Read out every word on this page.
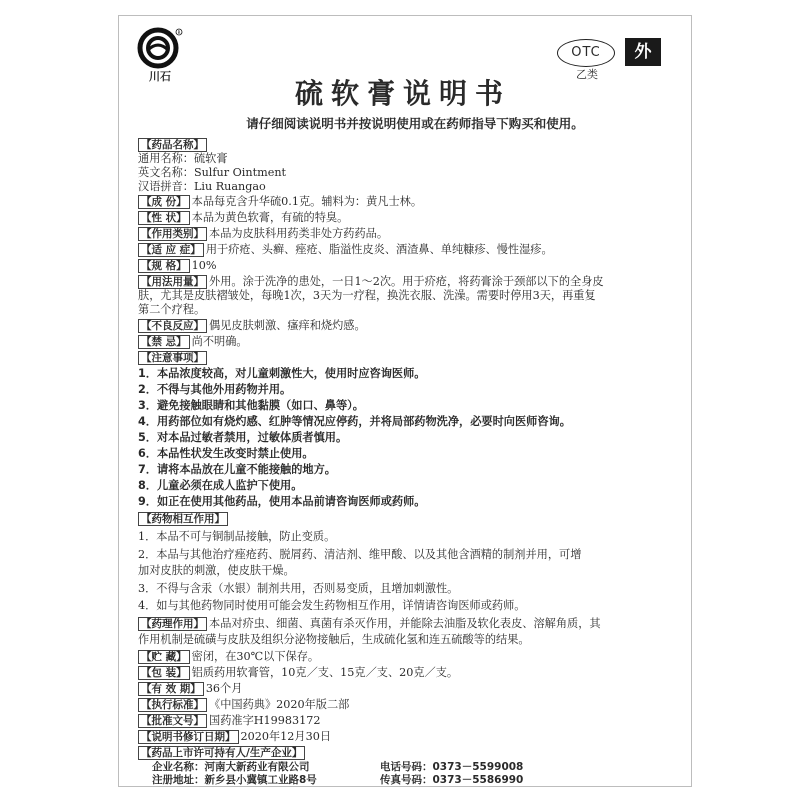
R
川石
OTC
乙类
外
硫软膏说明书
请仔细阅读说明书并按说明使用或在药师指导下购买和使用。
【药品名称】
通用名称：硫软膏
英文名称：Sulfur Ointment
汉语拼音：Liu Ruangao
【成 份】 本品每克含升华硫0.1克。辅料为：黄凡士林。
【性 状】 本品为黄色软膏，有硫的特臭。
【作用类别】 本品为皮肤科用药类非处方药药品。
【适 应 症】 用于疥疮、头癣、痤疮、脂溢性皮炎、酒渣鼻、单纯糠疹、慢性湿疹。
【规 格】 10%
【用法用量】 外用。涂于洗净的患处，一日1～2次。用于疥疮，将药膏涂于颈部以下的全身皮
肤，尤其是皮肤褶皱处，每晚1次，3天为一疗程，换洗衣服、洗澡。需要时停用3天，再重复
第二个疗程。
【不良反应】 偶见皮肤刺激、瘙痒和烧灼感。
【禁 忌】 尚不明确。
【注意事项】
1．本品浓度较高，对儿童刺激性大，使用时应咨询医师。
2．不得与其他外用药物并用。
3．避免接触眼睛和其他黏膜（如口、鼻等）。
4．用药部位如有烧灼感、红肿等情况应停药，并将局部药物洗净，必要时向医师咨询。
5．对本品过敏者禁用，过敏体质者慎用。
6．本品性状发生改变时禁止使用。
7．请将本品放在儿童不能接触的地方。
8．儿童必须在成人监护下使用。
9．如正在使用其他药品，使用本品前请咨询医师或药师。
【药物相互作用】
1．本品不可与铜制品接触，防止变质。
2．本品与其他治疗痤疮药、脱屑药、清洁剂、维甲酸、以及其他含酒精的制剂并用，可增
加对皮肤的刺激，使皮肤干燥。
3．不得与含汞（水银）制剂共用，否则易变质，且增加刺激性。
4．如与其他药物同时使用可能会发生药物相互作用，详情请咨询医师或药师。
【药理作用】 本品对疥虫、细菌、真菌有杀灭作用，并能除去油脂及软化表皮、溶解角质，其
作用机制是硫磺与皮肤及组织分泌物接触后，生成硫化氢和连五硫酸等的结果。
【贮 藏】 密闭，在30℃以下保存。
【包 装】 铝质药用软膏管，10克／支、15克／支、20克／支。
【有 效 期】 36个月
【执行标准】 《中国药典》2020年版二部
【批准文号】 国药准字H19983172
【说明书修订日期】 2020年12月30日
【药品上市许可持有人/生产企业】
企业名称：河南大新药业有限公司
注册地址：新乡县小冀镇工业路8号
电话号码：0373－5599008
传真号码：0373－5586990
